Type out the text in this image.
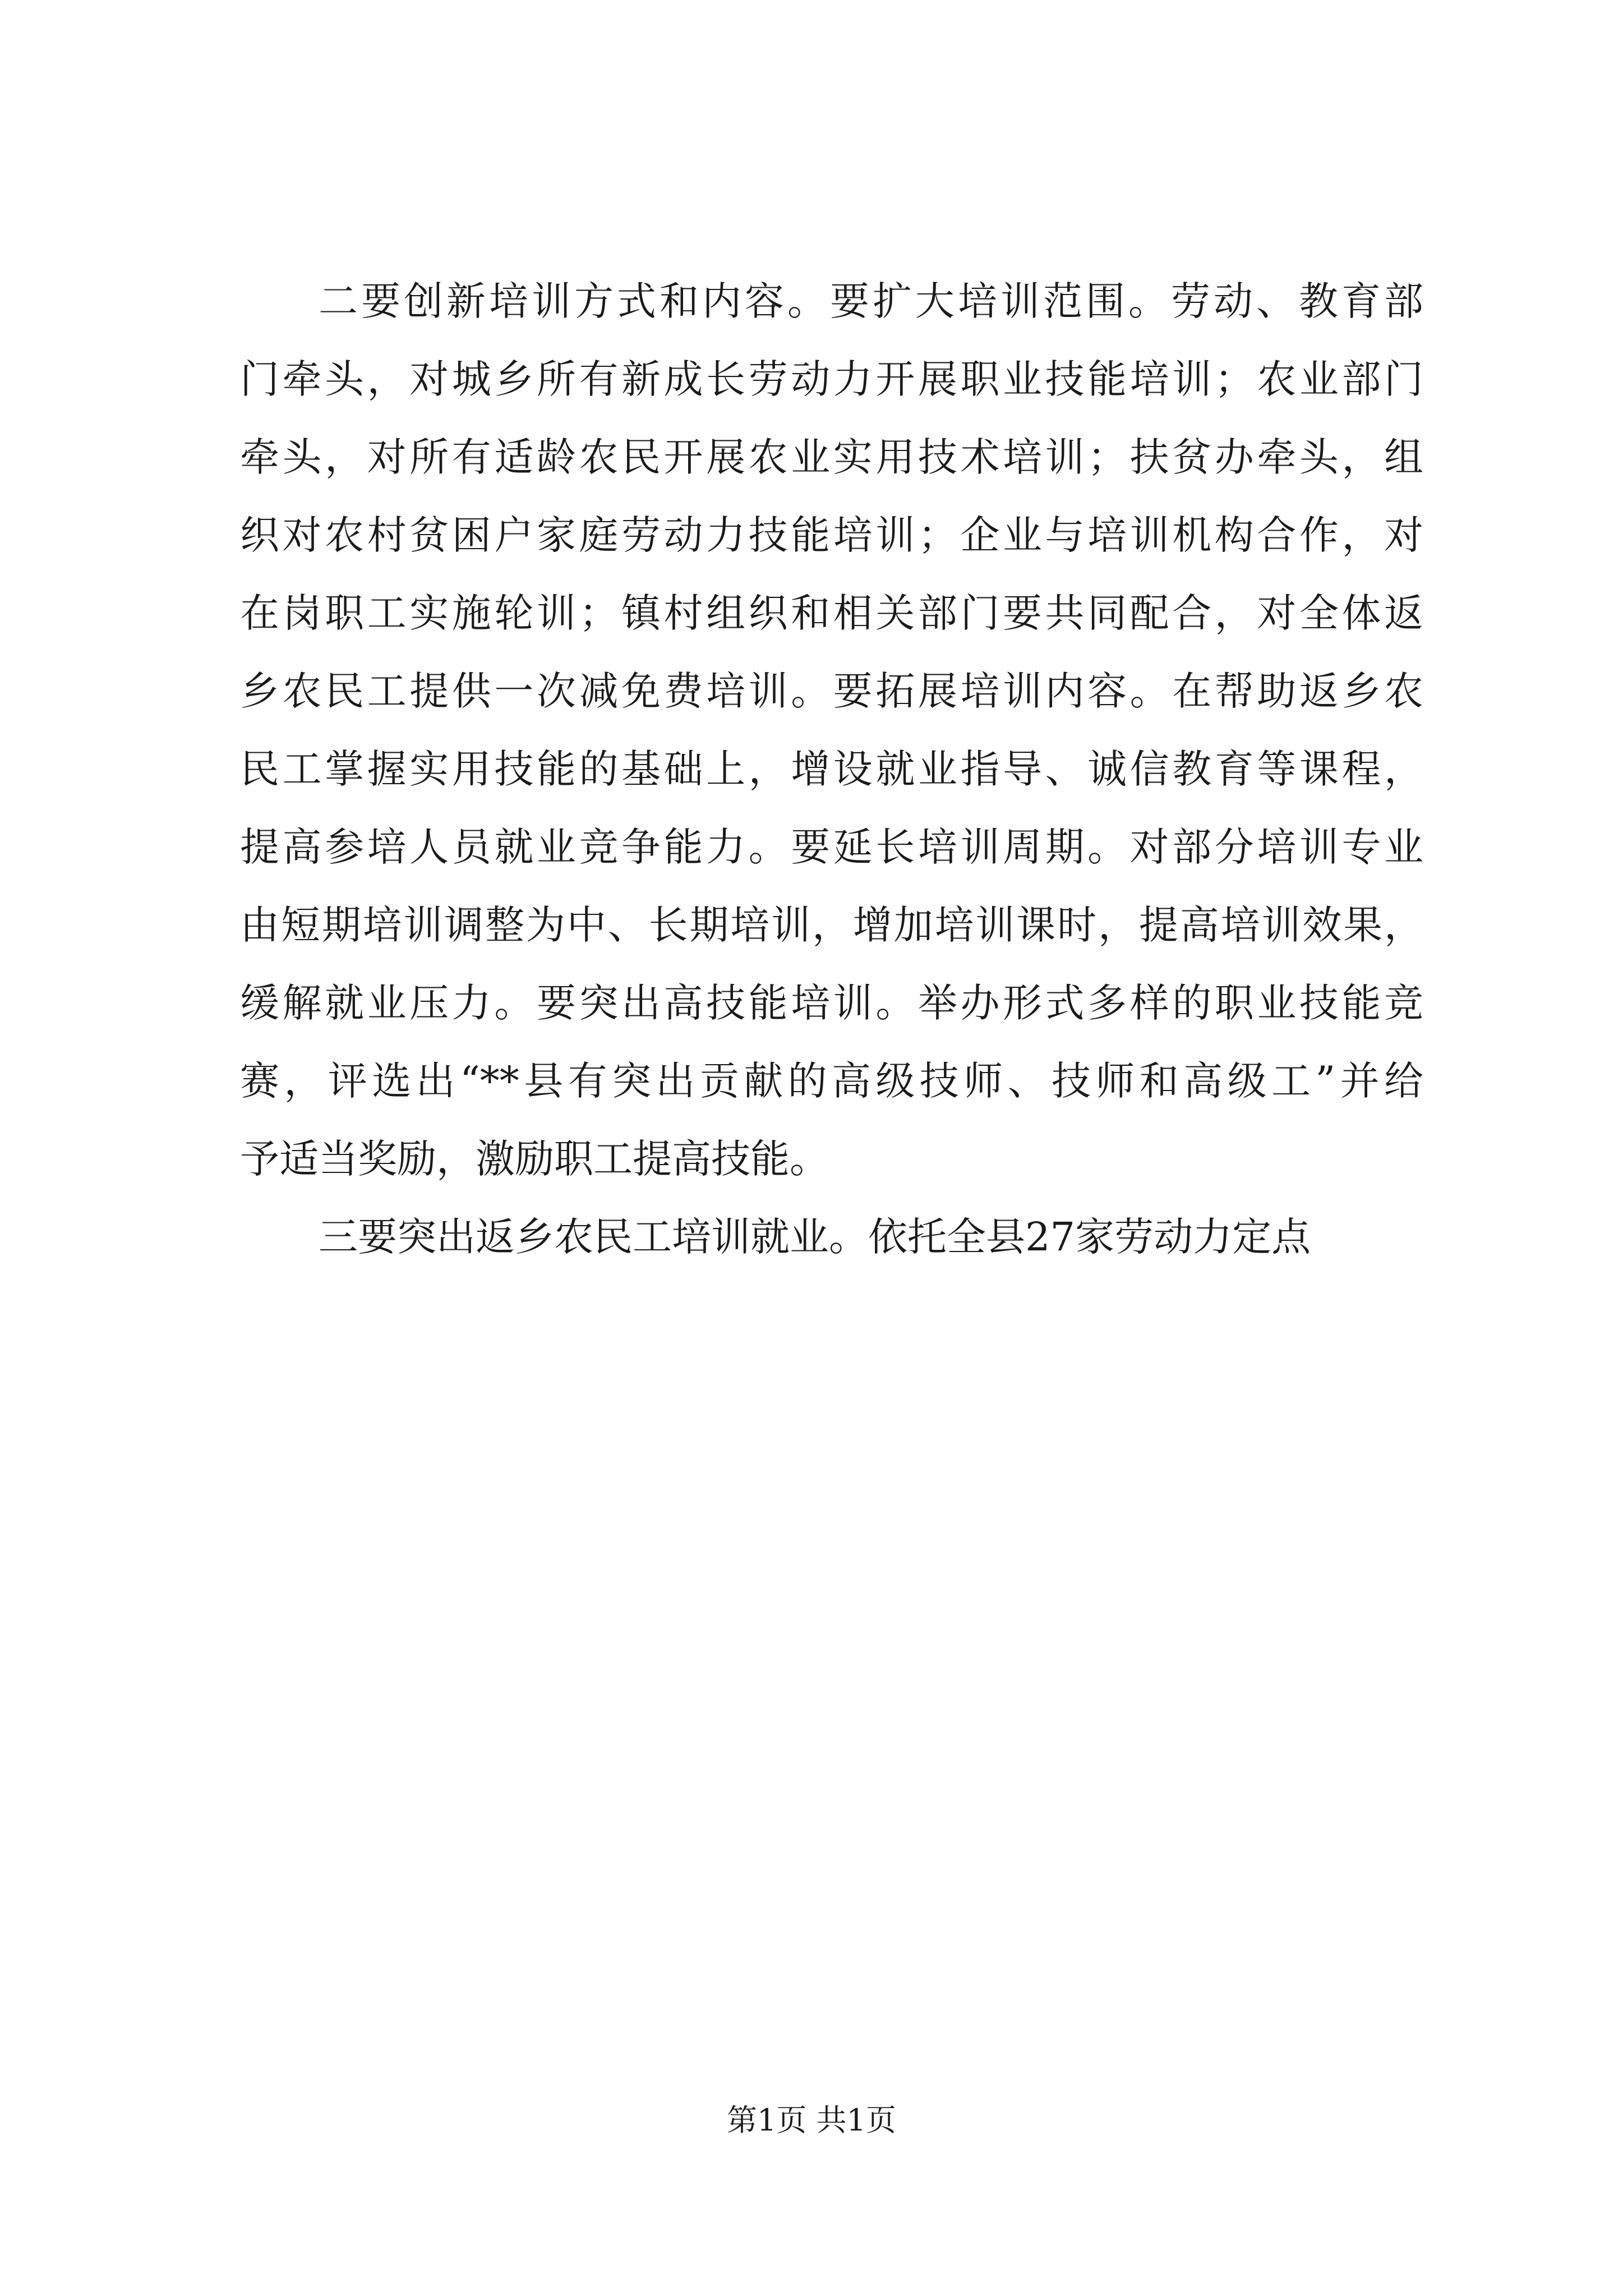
二要创新培训方式和内容。要扩大培训范围。劳动、教育部
门牵头，对城乡所有新成长劳动力开展职业技能培训；农业部门
牵头，对所有适龄农民开展农业实用技术培训；扶贫办牵头，组
织对农村贫困户家庭劳动力技能培训；企业与培训机构合作，对
在岗职工实施轮训；镇村组织和相关部门要共同配合，对全体返
乡农民工提供一次减免费培训。要拓展培训内容。在帮助返乡农
民工掌握实用技能的基础上，增设就业指导、诚信教育等课程，
提高参培人员就业竞争能力。要延长培训周期。对部分培训专业
由短期培训调整为中、长期培训，增加培训课时，提高培训效果，
缓解就业压力。要突出高技能培训。举办形式多样的职业技能竞
赛，评选出“**县有突出贡献的高级技师、技师和高级工”并给
予适当奖励，激励职工提高技能。
三要突出返乡农民工培训就业。依托全县27家劳动力定点
第1页 共1页
